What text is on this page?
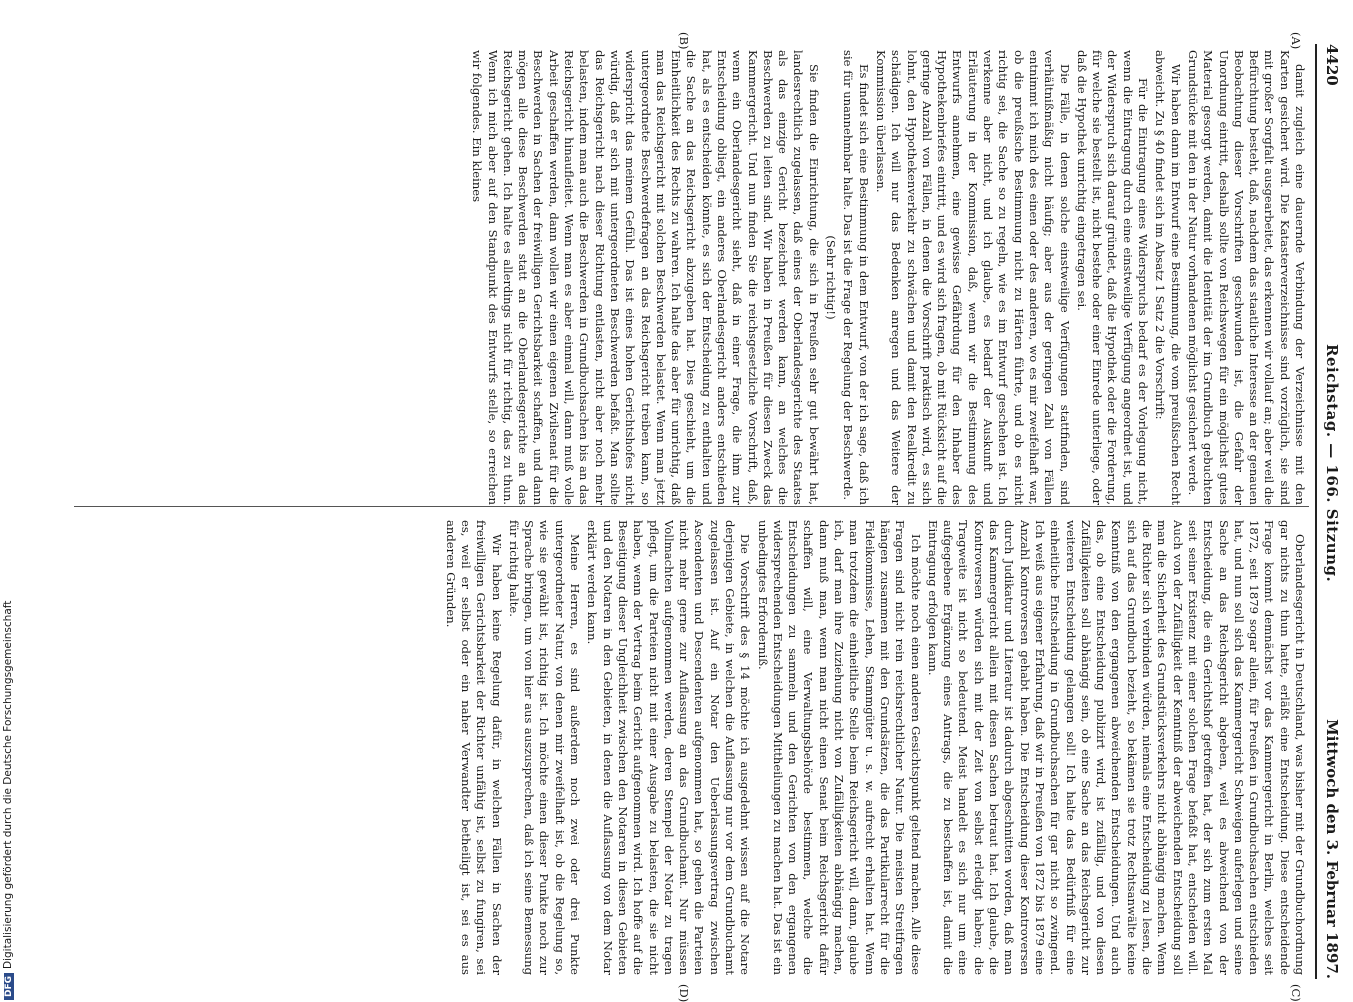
4420
Reichstag. — 166. Sitzung.
Mittwoch den 3. Februar 1897.
(A)
(B)
(C)
(D)

damit zugleich eine dauernde Verbindung der Verzeichnisse mit den Karten gesichert wird. Die Katasterverzeichnisse sind vorzüglich, sie sind mit großer Sorgfalt ausgearbeitet, das erkennen wir vollauf an; aber weil die Befürchtung besteht, daß, nachdem das staatliche Interesse an der genauen Beobachtung dieser Vorschriften geschwunden ist, die Gefahr der Unordnung eintritt, deshalb sollte von Reichswegen für ein möglichst gutes Material gesorgt werden, damit die Identität der im Grundbuch gebuchten Grundstücke mit den in der Natur vorhandenen möglichst gesichert werde.

Wir haben dann im Entwurf eine Bestimmung, die vom preußischen Recht abweicht. Zu § 40 findet sich im Absatz 1 Satz 2 die Vorschrift:

Für die Eintragung eines Widerspruchs bedarf es der Vorlegung nicht, wenn die Eintragung durch eine einstweilige Verfügung angeordnet ist, und der Widerspruch sich darauf gründet, daß die Hypothek oder die Forderung, für welche sie bestellt ist, nicht bestehe oder einer Einrede unterliege, oder daß die Hypothek unrichtig eingetragen sei.

Die Fälle, in denen solche einstweilige Verfügungen stattfinden, sind verhältnißmäßig nicht häufig; aber aus der geringen Zahl von Fällen entnimmt ich mich des einen oder des anderen, wo es mir zweifelhaft war, ob die preußische Bestimmung nicht zu Härten führte, und ob es nicht richtig sei, die Sache so zu regeln, wie es im Entwurf geschehen ist. Ich verkenne aber nicht, und ich glaube, es bedarf der Auskunft und Erläuterung in der Kommission, daß, wenn wir die Bestimmung des Entwurfs annehmen, eine gewisse Gefährdung für den Inhaber des Hypothekenbriefes eintritt, und es wird sich fragen, ob mit Rücksicht auf die geringe Anzahl von Fällen, in denen die Vorschrift praktisch wird, es sich lohnt, den Hypothekenverkehr zu schwächen und damit den Realkredit zu schädigen. Ich will nur das Bedenken anregen und das Weitere der Kommission überlassen.

Es findet sich eine Bestimmung in dem Entwurf, von der ich sage, daß ich sie für unannehmbar halte. Das ist die Frage der Regelung der Beschwerde.

(Sehr richtig!)

Sie finden die Einrichtung, die sich in Preußen sehr gut bewährt hat, landesrechtlich zugelassen, daß eines der Oberlandesgerichte des Staates als das einzige Gericht bezeichnet werden kann, an welches die Beschwerden zu leiten sind. Wir haben in Preußen für diesen Zweck das Kammergericht. Und nun finden Sie die reichsgesetzliche Vorschrift, daß, wenn ein Oberlandesgericht sieht, daß in einer Frage, die ihm zur Entscheidung obliegt, ein anderes Oberlandesgericht anders entschieden hat, als es entscheiden könnte, es sich der Entscheidung zu enthalten und die Sache an das Reichsgericht abzugeben hat. Dies geschieht, um die Einheitlichkeit des Rechts zu wahren. Ich halte das aber für unrichtig, daß man das Reichsgericht mit solchen Beschwerden belastet. Wenn man jetzt untergeordnete Beschwerdefragen an das Reichsgericht treiben kann, so widerspricht das meinem Gefühl. Das ist eines hohen Gerichtshofes nicht würdig, daß er sich mit untergeordneten Beschwerden befaßt. Man sollte das Reichsgericht nach dieser Richtung entlasten, nicht aber noch mehr belasten, indem man auch die Beschwerden in Grundbuchsachen bis an das Reichsgericht hinaufleitet. Wenn man es aber einmal will, dann muß volle Arbeit geschaffen werden, dann wollen wir einen eigenen Zivilsenat für die Beschwerden in Sachen der freiwilligen Gerichtsbarkeit schaffen, und dann mögen alle diese Beschwerden statt an die Oberlandesgerichte an das Reichsgericht gehen. Ich halte es allerdings nicht für richtig, das zu thun. Wenn ich mich aber auf den Standpunkt des Entwurfs stelle, so erreichen wir folgendes. Ein kleines

Oberlandesgericht in Deutschland, was bisher mit der Grundbuchordnung gar nichts zu thun hatte, erläßt eine Entscheidung. Diese entscheidende Frage kommt demnächst vor das Kammergericht in Berlin, welches seit 1872, seit 1879 sogar allein, für Preußen in Grundbuchsachen entschieden hat, und nun soll sich das Kammergericht Schweigen auferlegen und seine Sache an das Reichsgericht abgeben, weil es abweichend von der Entscheidung, die ein Gerichtshof getroffen hat, der sich zum ersten Mal seit seiner Existenz mit einer solchen Frage befaßt hat, entscheiden will. Auch von der Zufälligkeit der Kenntniß der abweichenden Entscheidung soll man die Sicherheit des Grundstücksverkehrs nicht abhängig machen. Wenn die Richter sich verbinden würden, niemals eine Entscheidung zu lesen, die sich auf das Grundbuch bezieht, so bekämen sie trotz Rechtsanwälte keine Kenntniß von den ergangenen abweichenden Entscheidungen. Und auch das, ob eine Entscheidung publizirt wird, ist zufällig, und von diesen Zufälligkeiten soll abhängig sein, ob eine Sache an das Reichsgericht zur weiteren Entscheidung gelangen soll! Ich halte das Bedürfniß für eine einheitliche Entscheidung in Grundbuchsachen für gar nicht so zwingend. Ich weiß aus eigener Erfahrung, daß wir in Preußen von 1872 bis 1879 eine Anzahl Kontroversen gehabt haben. Die Entscheidung dieser Kontroversen durch Judikatur und Literatur ist dadurch abgeschnitten worden, daß man das Kammergericht allein mit diesen Sachen betraut hat. Ich glaube, die Kontroversen würden sich mit der Zeit von selbst erledigt haben; die Tragweite ist nicht so bedeutend. Meist handelt es sich nur um eine aufgegebene Ergänzung eines Antrags, die zu beschaffen ist, damit die Eintragung erfolgen kann.

Ich möchte noch einen anderen Gesichtspunkt geltend machen. Alle diese Fragen sind nicht rein reichsrechtlicher Natur. Die meisten Streitfragen hängen zusammen mit den Grundsätzen, die das Partikularrecht für die Fideikommisse, Lehen, Stammgüter u. s. w. aufrecht erhalten hat. Wenn man trotzdem die einheitliche Stelle beim Reichsgericht will, dann, glaube ich, darf man ihre Zuziehung nicht von Zufälligkeiten abhängig machen, dann muß man, wenn man nicht einen Senat beim Reichsgericht dafür schaffen will, eine Verwaltungsbehörde bestimmen, welche die Entscheidungen zu sammeln und den Gerichten von den ergangenen widersprechenden Entscheidungen Mittheilungen zu machen hat. Das ist ein unbedingtes Erforderniß.

Die Vorschrift des § 14 möchte ich ausgedehnt wissen auf die Notare derjenigen Gebiete, in welchen die Auflassung nur vor dem Grundbuchamt zugelassen ist. Auf ein Notar den Ueberlassungsvertrag zwischen Ascendenten und Descendenten aufgenommen hat, so gehen die Parteien nicht mehr gerne zur Auflassung an das Grundbuchamt. Nur müssen Vollmachten aufgenommen werden, deren Stempel der Notar zu tragen pflegt, um die Parteien nicht mit einer Ausgabe zu belasten, die sie nicht haben, wenn der Vertrag beim Gericht aufgenommen wird. Ich hoffe auf die Beseitigung dieser Ungleichheit zwischen den Notaren in diesen Gebieten und den Notaren in den Gebieten, in denen die Auflassung von dem Notar erklärt werden kann.

Meine Herren, es sind außerdem noch zwei oder drei Punkte untergeordneter Natur, von denen mir zweifelhaft ist, ob die Regelung so, wie sie gewählt ist, richtig ist. Ich möchte einen dieser Punkte noch zur Sprache bringen, um von hier aus auszusprechen, daß ich seine Bemessung für richtig halte.

Wir haben keine Regelung dafür, in welchen Fällen in Sachen der freiwilligen Gerichtsbarkeit der Richter unfähig ist, selbst zu fungiren, sei es, weil er selbst oder ein naher Verwandter betheiligt ist, sei es aus anderen Gründen.

DFGDigitalisierung gefördert durch die Deutsche Forschungsgemeinschaft
